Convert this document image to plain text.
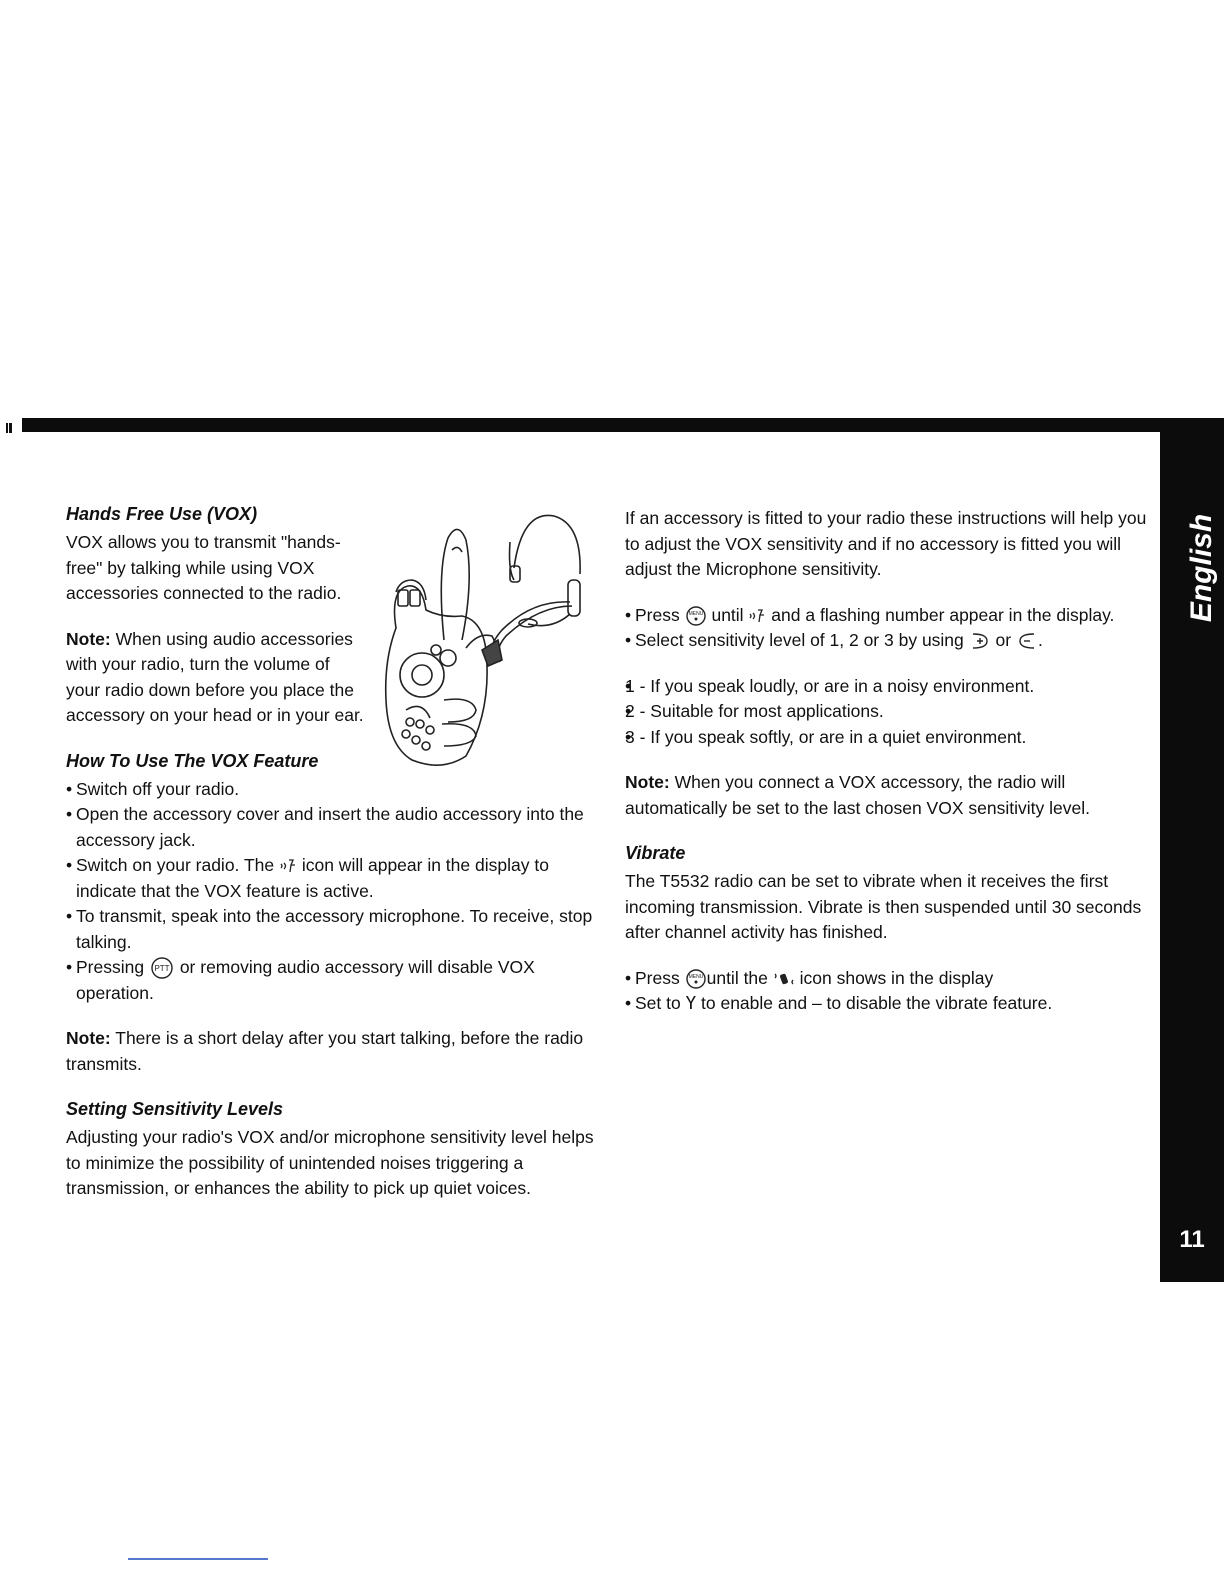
English
11
Hands Free Use (VOX)

VOX allows you to transmit "hands-free" by talking while using VOX accessories connected to the radio.

Note: When using audio accessories with your radio, turn the volume of your radio down before you place the accessory on your head or in your ear.

How To Use The VOX Feature
• Switch off your radio.
• Open the accessory cover and insert the audio accessory into the accessory jack.
• Switch on your radio. The  icon will appear in the display to indicate that the VOX feature is active.
• To transmit, speak into the accessory microphone. To receive, stop talking.
• Pressing PTT or removing audio accessory will disable VOX operation.

Note: There is a short delay after you start talking, before the radio transmits.

Setting Sensitivity Levels

Adjusting your radio's VOX and/or microphone sensitivity level helps to minimize the possibility of unintended noises triggering a transmission, or enhances the ability to pick up quiet voices.

If an accessory is fitted to your radio these instructions will help you to adjust the VOX sensitivity and if no accessory is fitted you will adjust the Microphone sensitivity.

• Press MENU until  and a flashing number appear in the display.
• Select sensitivity level of 1, 2 or 3 by using  or .
• 1 - If you speak loudly, or are in a noisy environment.
• 2 - Suitable for most applications.
• 3 - If you speak softly, or are in a quiet environment.

Note: When you connect a VOX accessory, the radio will automatically be set to the last chosen VOX sensitivity level.

Vibrate

The T5532 radio can be set to vibrate when it receives the first incoming transmission. Vibrate is then suspended until 30 seconds after channel activity has finished.

• Press MENU until the  icon shows in the display
• Set to Y to enable and – to disable the vibrate feature.
